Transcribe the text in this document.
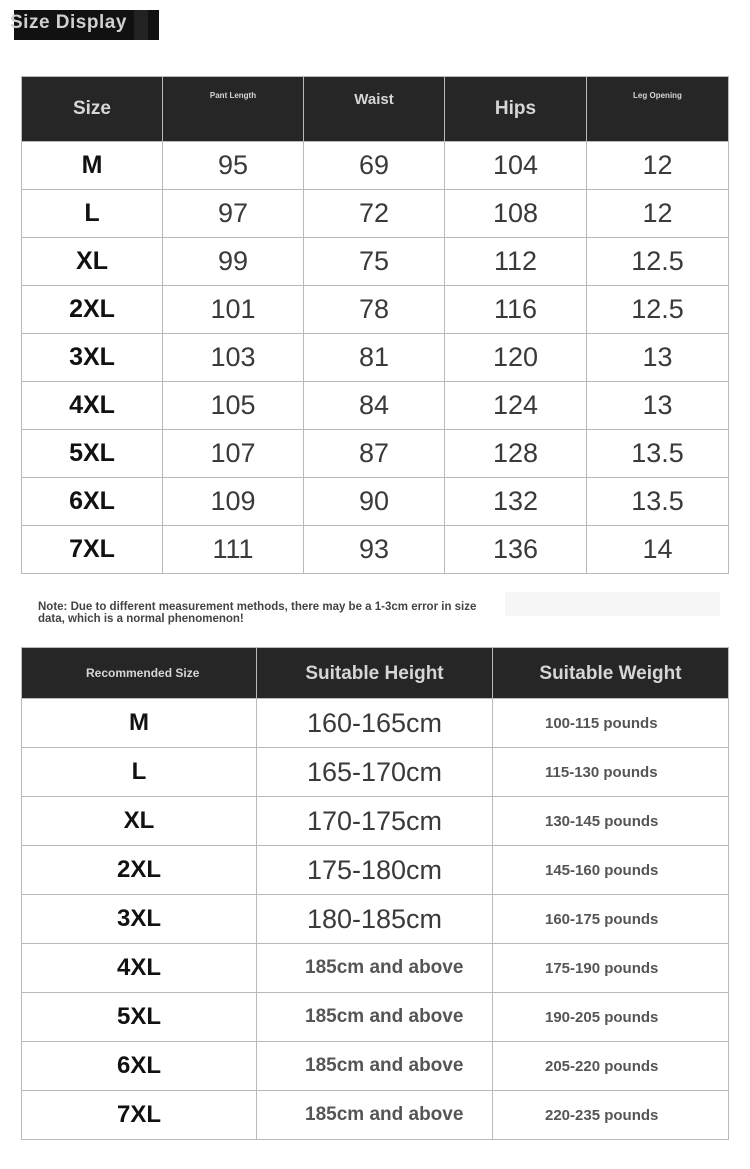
Size Display
Size	Pant Length	Waist	Hips	Leg Opening
M	95	69	104	12
L	97	72	108	12
XL	99	75	112	12.5
2XL	101	78	116	12.5
3XL	103	81	120	13
4XL	105	84	124	13
5XL	107	87	128	13.5
6XL	109	90	132	13.5
7XL	111	93	136	14
Note: Due to different measurement methods, there may be a 1-3cm error in size data, which is a normal phenomenon!
Recommended Size	Suitable Height	Suitable Weight
M	160-165cm	100-115 pounds
L	165-170cm	115-130 pounds
XL	170-175cm	130-145 pounds
2XL	175-180cm	145-160 pounds
3XL	180-185cm	160-175 pounds
4XL	185cm and above	175-190 pounds
5XL	185cm and above	190-205 pounds
6XL	185cm and above	205-220 pounds
7XL	185cm and above	220-235 pounds
